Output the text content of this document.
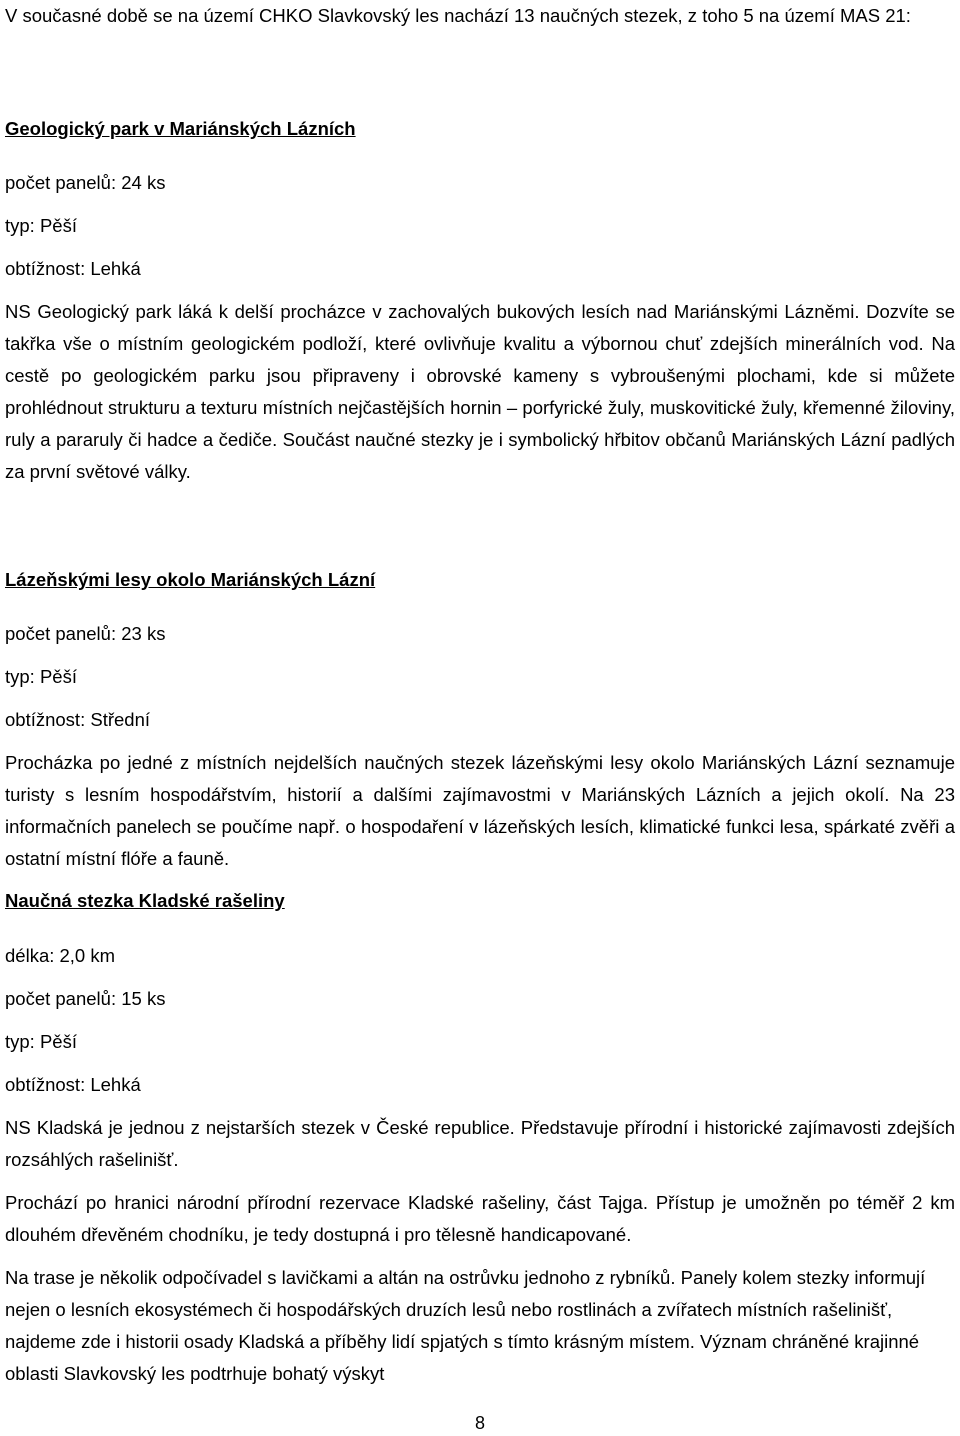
V současné době se na území CHKO Slavkovský les nachází 13 naučných stezek, z toho 5 na území MAS 21:
Geologický park v Mariánských Lázních
počet panelů: 24 ks
typ: Pěší
obtížnost: Lehká
NS Geologický park láká k delší procházce v zachovalých bukových lesích nad Mariánskými Lázněmi. Dozvíte se takřka vše o místním geologickém podloží, které ovlivňuje kvalitu a výbornou chuť zdejších minerálních vod. Na cestě po geologickém parku jsou připraveny i obrovské kameny s vybroušenými plochami, kde si můžete prohlédnout strukturu a texturu místních nejčastějších hornin – porfyrické žuly, muskovitické žuly, křemenné žiloviny, ruly a pararuly či hadce a čediče. Součást naučné stezky je i symbolický hřbitov občanů Mariánských Lázní padlých za první světové války.
Lázeňskými lesy okolo Mariánských Lázní
počet panelů: 23 ks
typ: Pěší
obtížnost: Střední
Procházka po jedné z místních nejdelších naučných stezek lázeňskými lesy okolo Mariánských Lázní seznamuje turisty s lesním hospodářstvím, historií a dalšími zajímavostmi v Mariánských Lázních a jejich okolí. Na 23 informačních panelech se poučíme např. o hospodaření v lázeňských lesích, klimatické funkci lesa, spárkaté zvěři a ostatní místní flóře a fauně.
Naučná stezka Kladské rašeliny
délka: 2,0 km
počet panelů: 15 ks
typ: Pěší
obtížnost: Lehká
NS Kladská je jednou z nejstarších stezek v České republice. Představuje přírodní i historické zajímavosti zdejších rozsáhlých rašelinišť.
Prochází po hranici národní přírodní rezervace Kladské rašeliny, část Tajga. Přístup je umožněn po téměř 2 km dlouhém dřevěném chodníku, je tedy dostupná i pro tělesně handicapované.
Na trase je několik odpočívadel s lavičkami a altán na ostrůvku jednoho z rybníků. Panely kolem stezky informují nejen o lesních ekosystémech či hospodářských druzích lesů nebo rostlinách a zvířatech místních rašelinišť, najdeme zde i historii osady Kladská a příběhy lidí spjatých s tímto krásným místem. Význam chráněné krajinné oblasti Slavkovský les podtrhuje bohatý výskyt
8
